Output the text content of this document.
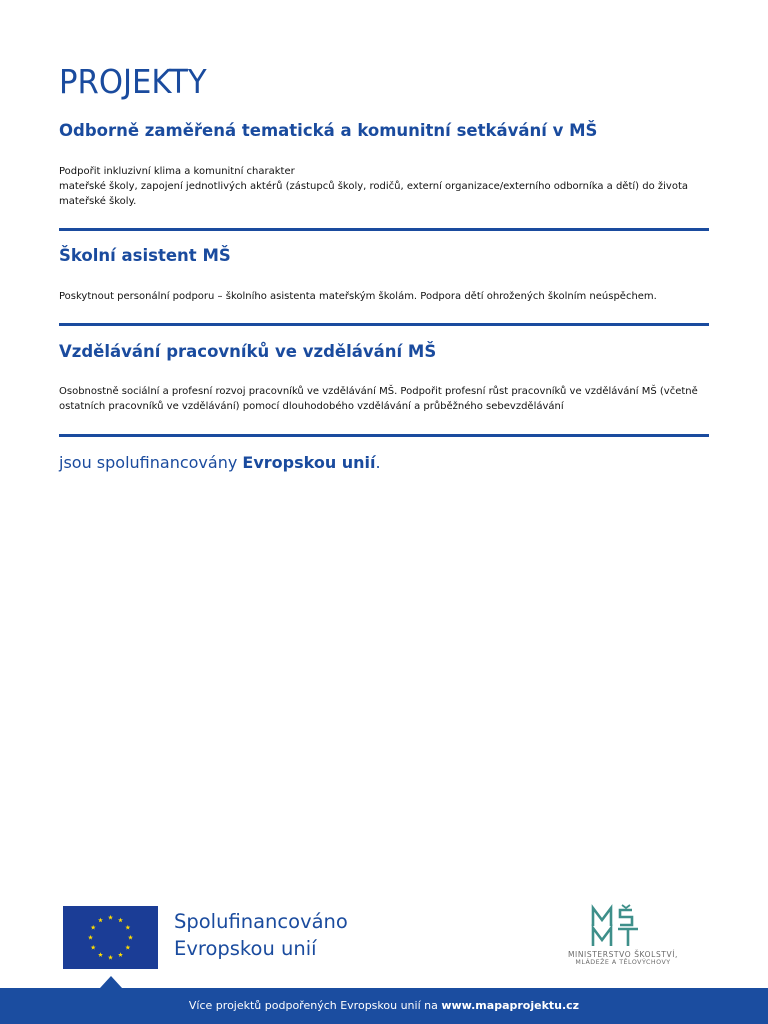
PROJEKTY
Odborně zaměřená tematická a komunitní setkávání v MŠ
Podpořit inkluzivní klima a komunitní charakter
mateřské školy, zapojení jednotlivých aktérů (zástupců školy, rodičů, externí organizace/externího odborníka a dětí) do života
mateřské školy.
Školní asistent MŠ
Poskytnout personální podporu – školního asistenta mateřským školám. Podpora dětí ohrožených školním neúspěchem.
Vzdělávání pracovníků ve vzdělávání MŠ
Osobnostně sociální a profesní rozvoj pracovníků ve vzdělávání MŠ. Podpořit profesní růst pracovníků ve vzdělávání MŠ (včetně
ostatních pracovníků ve vzdělávání) pomocí dlouhodobého vzdělávání a průběžného sebevzdělávání
jsou spolufinancovány Evropskou unií.
Spolufinancováno
Evropskou unií	MINISTERSTVO ŠKOLSTVÍ,
MLÁDEŽE A TĚLOVÝCHOVY
Více projektů podpořených Evropskou unií na www.mapaprojektu.cz
